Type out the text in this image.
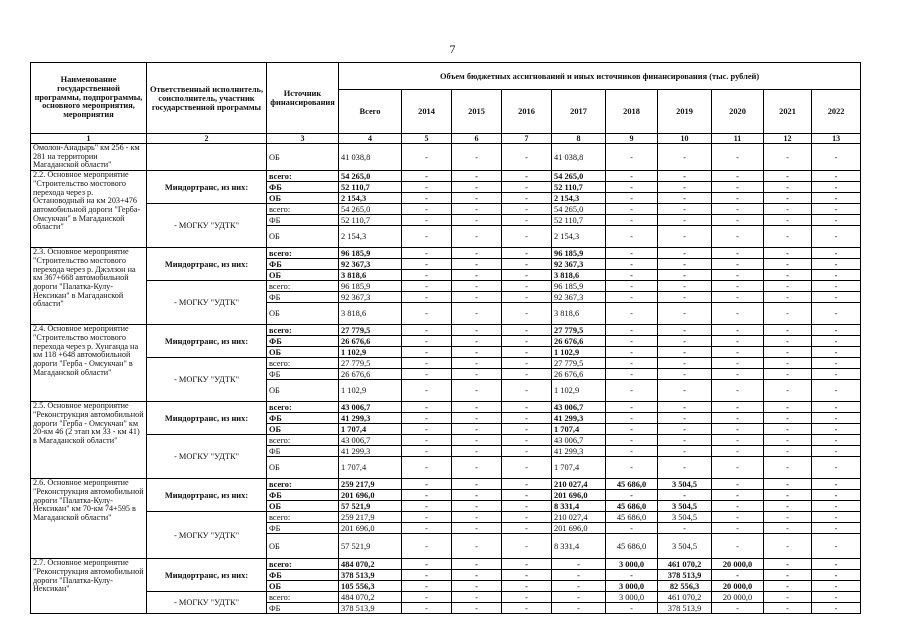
7
Наименование государственной программы, подпрограммы, основного мероприятия, мероприятия	Ответственный исполнитель, соисполнитель, участник государственной программы	Источник финансирования	Объем бюджетных ассигнований и иных источников финансирования (тыс. рублей)									
			Всего	2014	2015	2016	2017	2018	2019	2020	2021	2022
1	2	3	4	5	6	7	8	9	10	11	12	13
Омолон-Анадырь" км 256 - км 281 на территории Магаданской области"		ОБ	41 038,8	-	-	-	41 038,8	-	-	-	-	-
2.2. Основное мероприятие "Строительство мостового перехода через р. Остановодный на км 203+476 автомобильной дороги "Герба-Омсукчан" в Магаданской области"	Миндортранс, из них:	всего:	54 265,0	-	-	-	54 265,0	-	-	-	-	-
		ФБ	52 110,7	-	-	-	52 110,7	-	-	-	-	-
		ОБ	2 154,3	-	-	-	2 154,3	-	-	-	-	-
	- МОГКУ "УДТК"	всего:	54 265,0	-	-	-	54 265,0	-	-	-	-	-
		ФБ	52 110,7	-	-	-	52 110,7	-	-	-	-	-
		ОБ	2 154,3	-	-	-	2 154,3	-	-	-	-	-
2.3. Основное мероприятие "Строительство мостового перехода через р. Джэлзон на км 367+668 автомобильной дороги "Палатка-Кулу-Нексикан" в Магаданской области"	Миндортранс, из них:	всего:	96 185,9	-	-	-	96 185,9	-	-	-	-	-
		ФБ	92 367,3	-	-	-	92 367,3	-	-	-	-	-
		ОБ	3 818,6	-	-	-	3 818,6	-	-	-	-	-
	- МОГКУ "УДТК"	всего:	96 185,9	-	-	-	96 185,9	-	-	-	-	-
		ФБ	92 367,3	-	-	-	92 367,3	-	-	-	-	-
		ОБ	3 818,6	-	-	-	3 818,6	-	-	-	-	-
2.4. Основное мероприятие "Строительство мостового перехода через р. Хунганда на км 118 +648 автомобильной дороги "Герба - Омсукчан" в Магаданской области"	Миндортранс, из них:	всего:	27 779,5	-	-	-	27 779,5	-	-	-	-	-
		ФБ	26 676,6	-	-	-	26 676,6	-	-	-	-	-
		ОБ	1 102,9	-	-	-	1 102,9	-	-	-	-	-
	- МОГКУ "УДТК"	всего:	27 779,5	-	-	-	27 779,5	-	-	-	-	-
		ФБ	26 676,6	-	-	-	26 676,6	-	-	-	-	-
		ОБ	1 102,9	-	-	-	1 102,9	-	-	-	-	-
2.5. Основное мероприятие "Реконструкция автомобильной дороги "Герба - Омсукчан" км 20-км 46 (2 этап км 33 - км 41) в Магаданской области"	Миндортранс, из них:	всего:	43 006,7	-	-	-	43 006,7	-	-	-	-	-
		ФБ	41 299,3	-	-	-	41 299,3	-	-	-	-	-
		ОБ	1 707,4	-	-	-	1 707,4	-	-	-	-	-
	- МОГКУ "УДТК"	всего:	43 006,7	-	-	-	43 006,7	-	-	-	-	-
		ФБ	41 299,3	-	-	-	41 299,3	-	-	-	-	-
		ОБ	1 707,4	-	-	-	1 707,4	-	-	-	-	-
2.6. Основное мероприятие "Реконструкция автомобильной дороги "Палатка-Кулу-Нексикан" км 70-км 74+595 в Магаданской области"	Миндортранс, из них:	всего:	259 217,9	-	-	-	210 027,4	45 686,0	3 504,5	-	-	-
		ФБ	201 696,0	-	-	-	201 696,0	-	-	-	-	-
		ОБ	57 521,9	-	-	-	8 331,4	45 686,0	3 504,5	-	-	-
	- МОГКУ "УДТК"	всего:	259 217,9	-	-	-	210 027,4	45 686,0	3 504,5	-	-	-
		ФБ	201 696,0	-	-	-	201 696,0	-	-	-	-	-
		ОБ	57 521,9	-	-	-	8 331,4	45 686,0	3 504,5	-	-	-
2.7. Основное мероприятие "Реконструкция автомобильной дороги "Палатка-Кулу-Нексикан"	Миндортранс, из них:	всего:	484 070,2	-	-	-	-	3 000,0	461 070,2	20 000,0	-	-
		ФБ	378 513,9	-	-	-	-	-	378 513,9	-	-	-
		ОБ	105 556,3	-	-	-	-	3 000,0	82 556,3	20 000,0	-	-
	- МОГКУ "УДТК"	всего:	484 070,2	-	-	-	-	3 000,0	461 070,2	20 000,0	-	-
		ФБ	378 513,9	-	-	-	-	-	378 513,9	-	-	-
